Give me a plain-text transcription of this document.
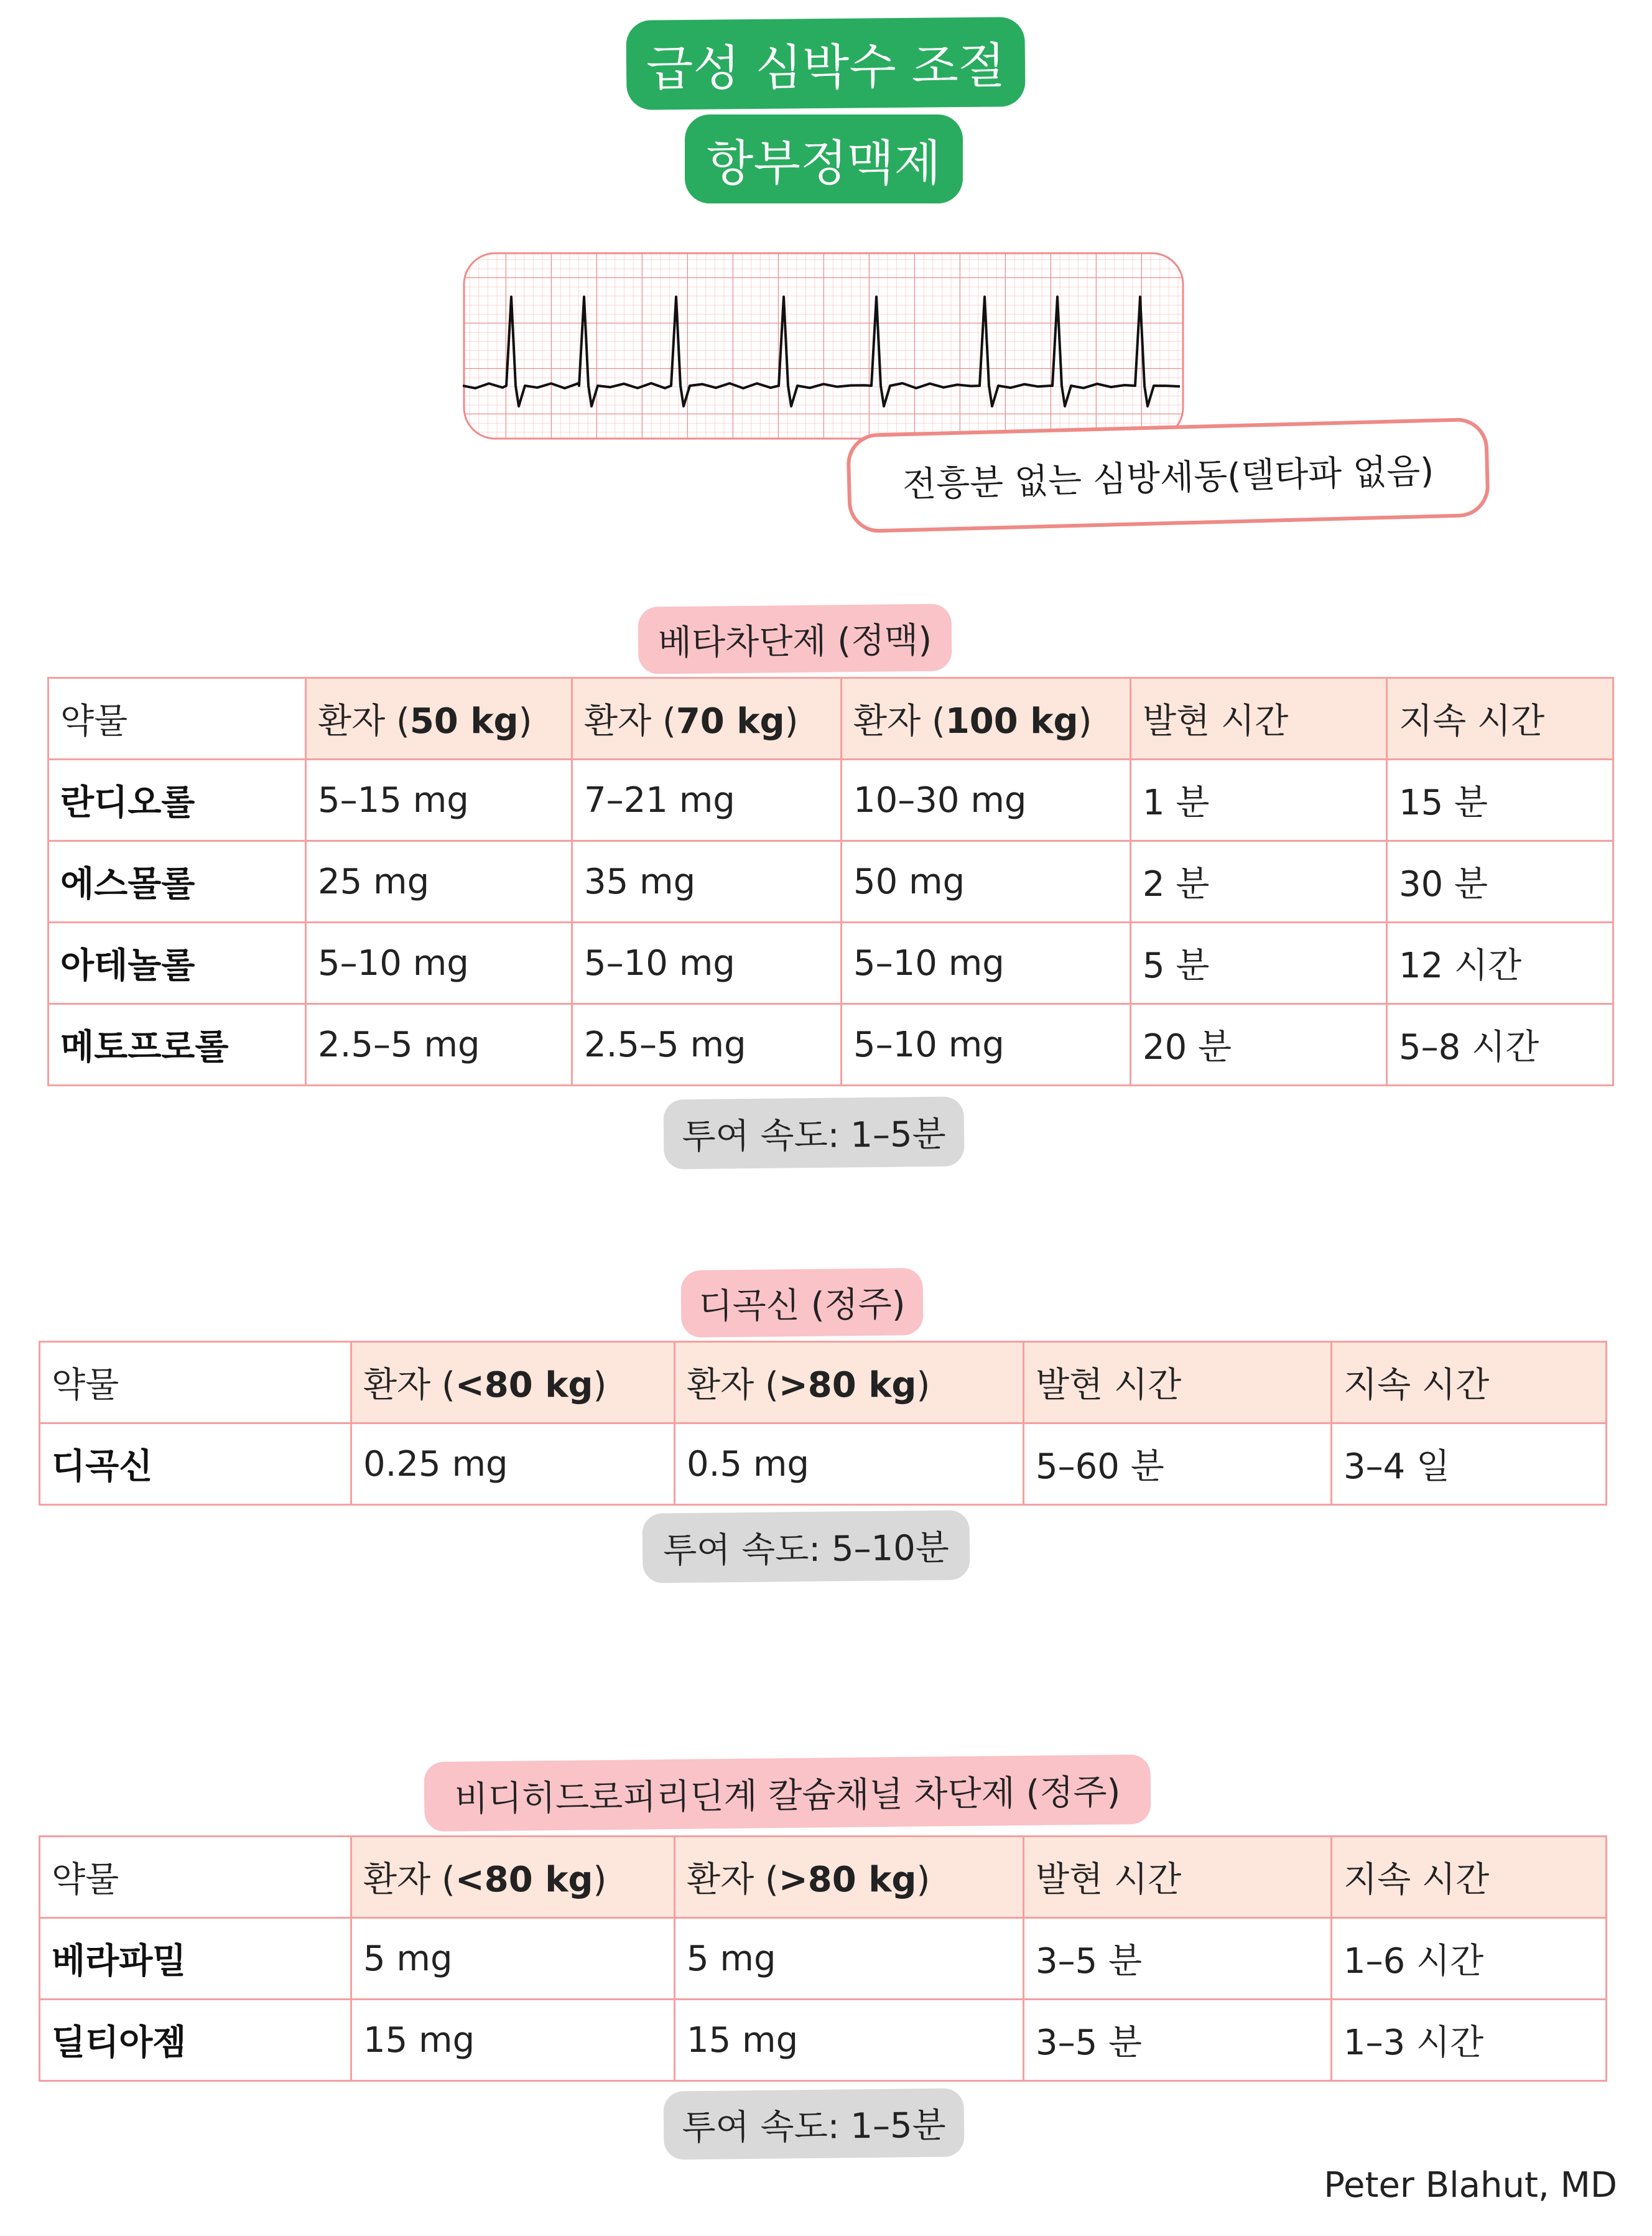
급성 심박수 조절
항부정맥제
전흥분 없는 심방세동(델타파 없음)
베타차단제 (정맥)
약물	환자 (50 kg)	환자 (70 kg)	환자 (100 kg)	발현 시간	지속 시간
란디오롤	5–15 mg	7–21 mg	10–30 mg	1 분	15 분
에스몰롤	25 mg	35 mg	50 mg	2 분	30 분
아테놀롤	5–10 mg	5–10 mg	5–10 mg	5 분	12 시간
메토프로롤	2.5–5 mg	2.5–5 mg	5–10 mg	20 분	5–8 시간
투여 속도: 1–5분
디곡신 (정주)
약물	환자 (<80 kg)	환자 (>80 kg)	발현 시간	지속 시간
디곡신	0.25 mg	0.5 mg	5–60 분	3–4 일
투여 속도: 5–10분
비디히드로피리딘계 칼슘채널 차단제 (정주)
약물	환자 (<80 kg)	환자 (>80 kg)	발현 시간	지속 시간
베라파밀	5 mg	5 mg	3–5 분	1–6 시간
딜티아젬	15 mg	15 mg	3–5 분	1–3 시간
투여 속도: 1–5분
Peter Blahut, MD
